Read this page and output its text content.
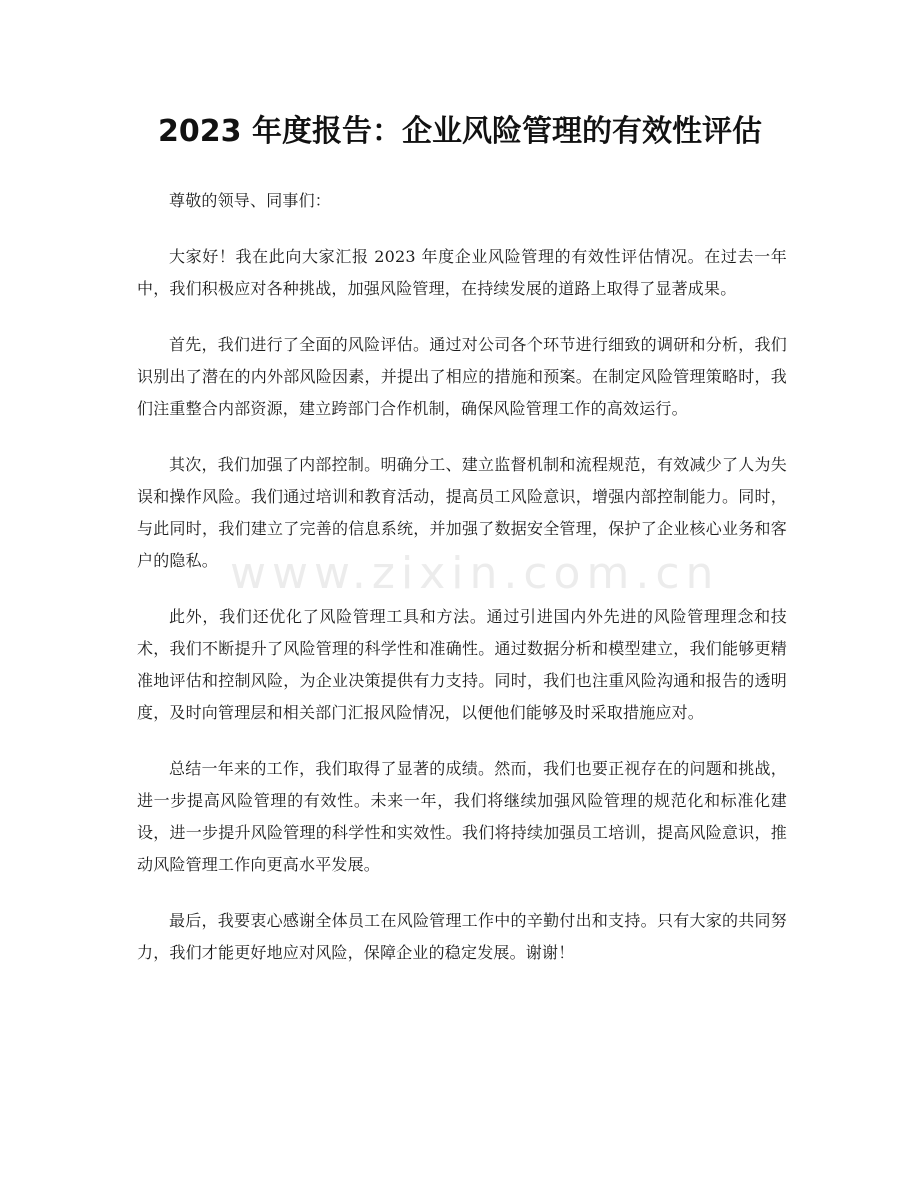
2023 年度报告：企业风险管理的有效性评估
www.zixin.com.cn

尊敬的领导、同事们：

大家好！我在此向大家汇报 2023 年度企业风险管理的有效性评估情况。在过去一年中，我们积极应对各种挑战，加强风险管理，在持续发展的道路上取得了显著成果。

首先，我们进行了全面的风险评估。通过对公司各个环节进行细致的调研和分析，我们识别出了潜在的内外部风险因素，并提出了相应的措施和预案。在制定风险管理策略时，我们注重整合内部资源，建立跨部门合作机制，确保风险管理工作的高效运行。

其次，我们加强了内部控制。明确分工、建立监督机制和流程规范，有效减少了人为失误和操作风险。我们通过培训和教育活动，提高员工风险意识，增强内部控制能力。同时，与此同时，我们建立了完善的信息系统，并加强了数据安全管理，保护了企业核心业务和客户的隐私。

此外，我们还优化了风险管理工具和方法。通过引进国内外先进的风险管理理念和技术，我们不断提升了风险管理的科学性和准确性。通过数据分析和模型建立，我们能够更精准地评估和控制风险，为企业决策提供有力支持。同时，我们也注重风险沟通和报告的透明度，及时向管理层和相关部门汇报风险情况，以便他们能够及时采取措施应对。

总结一年来的工作，我们取得了显著的成绩。然而，我们也要正视存在的问题和挑战，进一步提高风险管理的有效性。未来一年，我们将继续加强风险管理的规范化和标准化建设，进一步提升风险管理的科学性和实效性。我们将持续加强员工培训，提高风险意识，推动风险管理工作向更高水平发展。

最后，我要衷心感谢全体员工在风险管理工作中的辛勤付出和支持。只有大家的共同努力，我们才能更好地应对风险，保障企业的稳定发展。谢谢！
